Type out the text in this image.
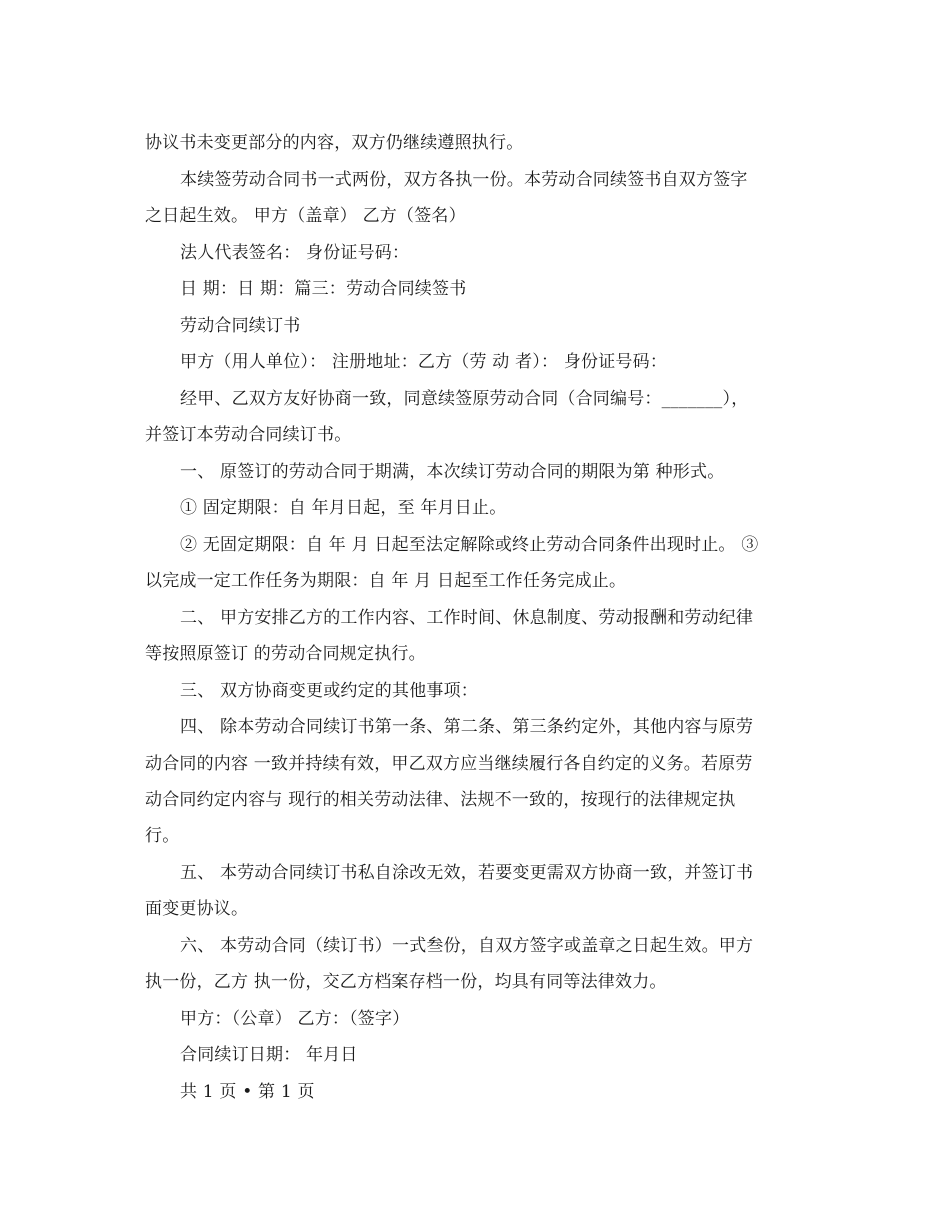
协议书未变更部分的内容，双方仍继续遵照执行。
本续签劳动合同书一式两份，双方各执一份。本劳动合同续签书自双方签字
之日起生效。 甲方（盖章） 乙方（签名）
法人代表签名： 身份证号码：
日 期：日 期：篇三：劳动合同续签书
劳动合同续订书
甲方（用人单位）： 注册地址：乙方（劳 动 者）： 身份证号码：
经甲、乙双方友好协商一致，同意续签原劳动合同（合同编号：_______），
并签订本劳动合同续订书。
一、 原签订的劳动合同于期满，本次续订劳动合同的期限为第 种形式。
① 固定期限：自 年月日起，至 年月日止。
② 无固定期限：自 年 月 日起至法定解除或终止劳动合同条件出现时止。 ③
以完成一定工作任务为期限：自 年 月 日起至工作任务完成止。
二、 甲方安排乙方的工作内容、工作时间、休息制度、劳动报酬和劳动纪律
等按照原签订 的劳动合同规定执行。
三、 双方协商变更或约定的其他事项：
四、 除本劳动合同续订书第一条、第二条、第三条约定外，其他内容与原劳
动合同的内容 一致并持续有效，甲乙双方应当继续履行各自约定的义务。若原劳
动合同约定内容与 现行的相关劳动法律、法规不一致的，按现行的法律规定执
行。
五、 本劳动合同续订书私自涂改无效，若要变更需双方协商一致，并签订书
面变更协议。
六、 本劳动合同（续订书）一式叁份，自双方签字或盖章之日起生效。甲方
执一份，乙方 执一份，交乙方档案存档一份，均具有同等法律效力。
甲方：（公章） 乙方：（签字）
合同续订日期： 年月日
共 1 页 • 第 1 页
